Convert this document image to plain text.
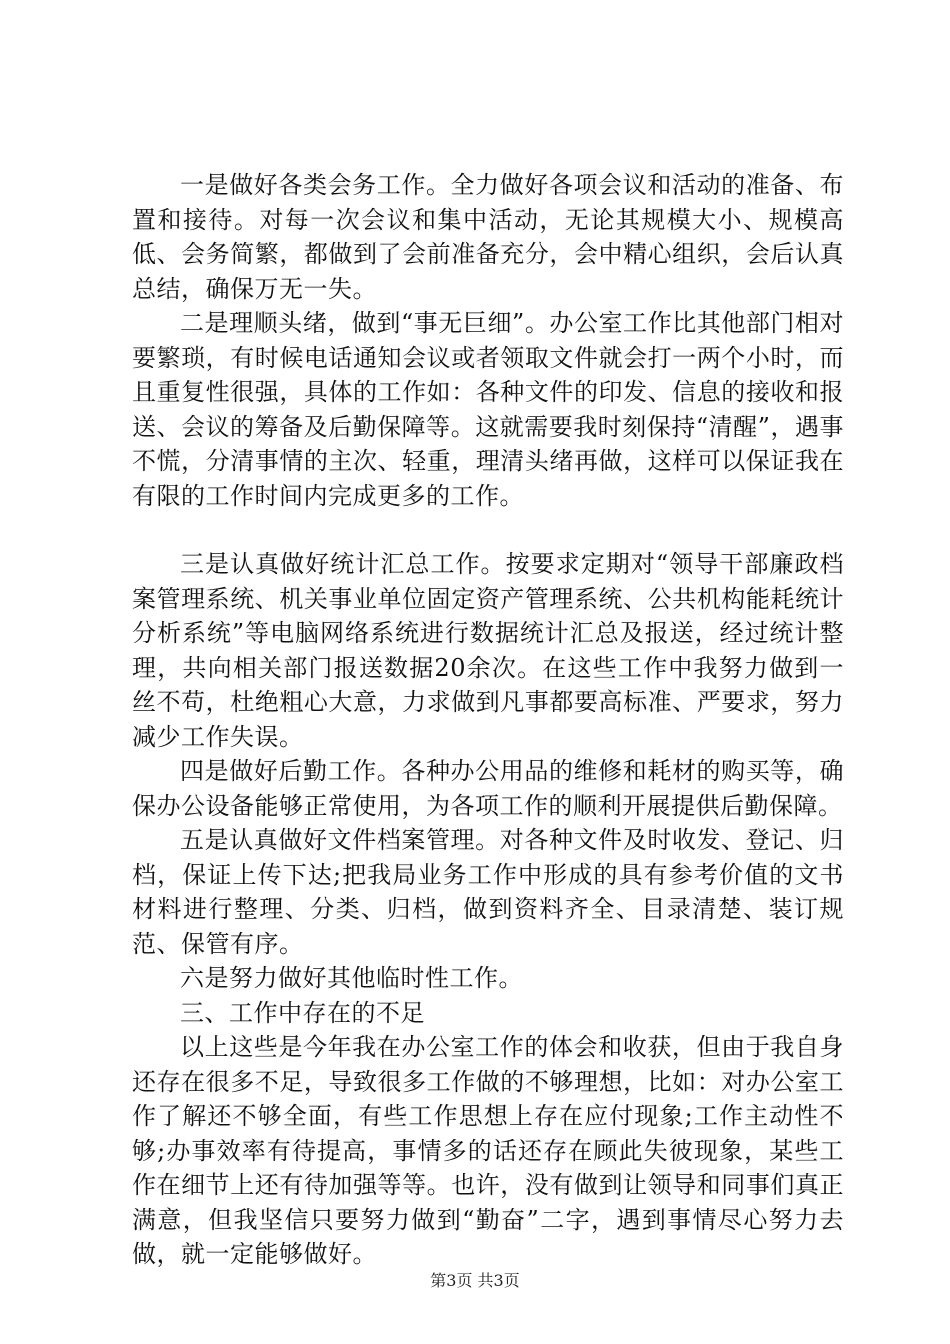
一是做好各类会务工作。全力做好各项会议和活动的准备、布置和接待。对每一次会议和集中活动，无论其规模大小、规模高低、会务简繁，都做到了会前准备充分，会中精心组织，会后认真总结，确保万无一失。

二是理顺头绪，做到“事无巨细”。办公室工作比其他部门相对要繁琐，有时候电话通知会议或者领取文件就会打一两个小时，而且重复性很强，具体的工作如：各种文件的印发、信息的接收和报送、会议的筹备及后勤保障等。这就需要我时刻保持“清醒”，遇事不慌，分清事情的主次、轻重，理清头绪再做，这样可以保证我在有限的工作时间内完成更多的工作。

三是认真做好统计汇总工作。按要求定期对“领导干部廉政档案管理系统、机关事业单位固定资产管理系统、公共机构能耗统计分析系统”等电脑网络系统进行数据统计汇总及报送，经过统计整理，共向相关部门报送数据20余次。在这些工作中我努力做到一丝不苟，杜绝粗心大意，力求做到凡事都要高标准、严要求，努力减少工作失误。

四是做好后勤工作。各种办公用品的维修和耗材的购买等，确保办公设备能够正常使用，为各项工作的顺利开展提供后勤保障。

五是认真做好文件档案管理。对各种文件及时收发、登记、归档，保证上传下达;把我局业务工作中形成的具有参考价值的文书材料进行整理、分类、归档，做到资料齐全、目录清楚、装订规范、保管有序。

六是努力做好其他临时性工作。

三、工作中存在的不足

以上这些是今年我在办公室工作的体会和收获，但由于我自身还存在很多不足，导致很多工作做的不够理想，比如：对办公室工作了解还不够全面，有些工作思想上存在应付现象;工作主动性不够;办事效率有待提高，事情多的话还存在顾此失彼现象，某些工作在细节上还有待加强等等。也许，没有做到让领导和同事们真正满意，但我坚信只要努力做到“勤奋”二字，遇到事情尽心努力去做，就一定能够做好。

第3页 共3页
